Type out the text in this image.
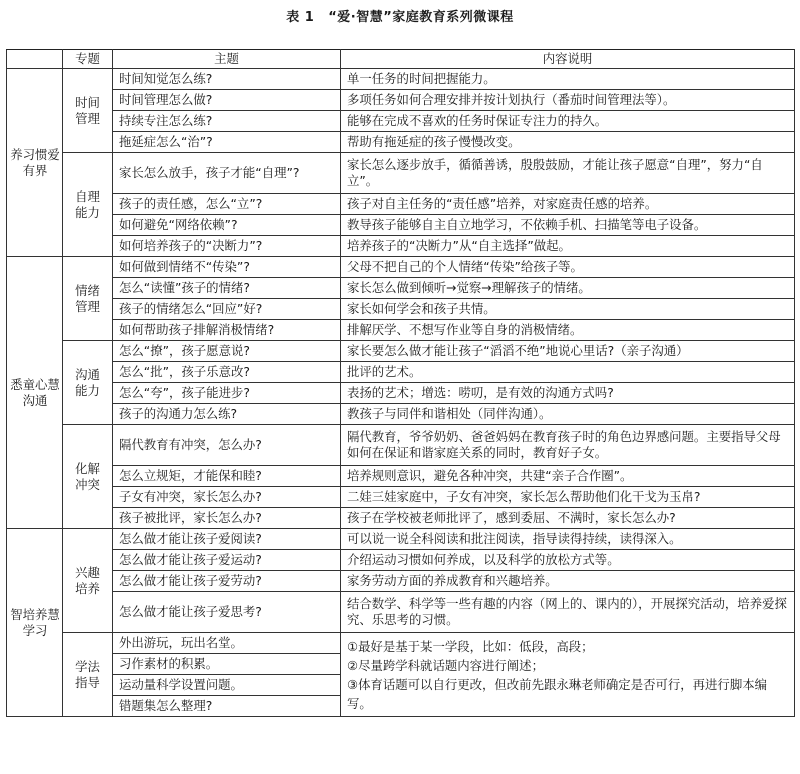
表 1 “爱·智慧”家庭教育系列微课程
	专题	主题	内容说明
养习惯爱有界	时间管理	时间知觉怎么练?	单一任务的时间把握能力。
		时间管理怎么做?	多项任务如何合理安排并按计划执行（番茄时间管理法等）。
		持续专注怎么练?	能够在完成不喜欢的任务时保证专注力的持久。
		拖延症怎么“治”?	帮助有拖延症的孩子慢慢改变。
	自理能力	家长怎么放手，孩子才能“自理”?	家长怎么逐步放手，循循善诱，殷殷鼓励，才能让孩子愿意“自理”，努力“自立”。
		孩子的责任感，怎么“立”?	孩子对自主任务的“责任感”培养，对家庭责任感的培养。
		如何避免“网络依赖”?	教导孩子能够自主自立地学习，不依赖手机、扫描笔等电子设备。
		如何培养孩子的“决断力”?	培养孩子的“决断力”从“自主选择”做起。
悉童心慧沟通	情绪管理	如何做到情绪不“传染”?	父母不把自己的个人情绪“传染”给孩子等。
		怎么“读懂”孩子的情绪?	家长怎么做到倾听→觉察→理解孩子的情绪。
		孩子的情绪怎么“回应”好?	家长如何学会和孩子共情。
		如何帮助孩子排解消极情绪?	排解厌学、不想写作业等自身的消极情绪。
	沟通能力	怎么“撩”，孩子愿意说?	家长要怎么做才能让孩子“滔滔不绝”地说心里话?（亲子沟通）
		怎么“批”，孩子乐意改?	批评的艺术。
		怎么“夸”，孩子能进步?	表扬的艺术；增选：唠叨，是有效的沟通方式吗?
		孩子的沟通力怎么练?	教孩子与同伴和谐相处（同伴沟通）。
	化解冲突	隔代教育有冲突，怎么办?	隔代教育，爷爷奶奶、爸爸妈妈在教育孩子时的角色边界感问题。主要指导父母如何在保证和谐家庭关系的同时，教育好子女。
		怎么立规矩，才能保和睦?	培养规则意识，避免各种冲突，共建“亲子合作圈”。
		子女有冲突，家长怎么办?	二娃三娃家庭中，子女有冲突，家长怎么帮助他们化干戈为玉帛?
		孩子被批评，家长怎么办?	孩子在学校被老师批评了，感到委屈、不满时，家长怎么办?
智培养慧学习	兴趣培养	怎么做才能让孩子爱阅读?	可以说一说全科阅读和批注阅读，指导读得持续，读得深入。
		怎么做才能让孩子爱运动?	介绍运动习惯如何养成，以及科学的放松方式等。
		怎么做才能让孩子爱劳动?	家务劳动方面的养成教育和兴趣培养。
		怎么做才能让孩子爱思考?	结合数学、科学等一些有趣的内容（网上的、课内的），开展探究活动，培养爱探究、乐思考的习惯。
	学法指导	外出游玩，玩出名堂。	①最好是基于某一学段，比如：低段，高段；
②尽量跨学科就话题内容进行阐述；
③体育话题可以自行更改，但改前先跟永琳老师确定是否可行，再进行脚本编写。

		习作素材的积累。	
		运动量科学设置问题。	
		错题集怎么整理?	
